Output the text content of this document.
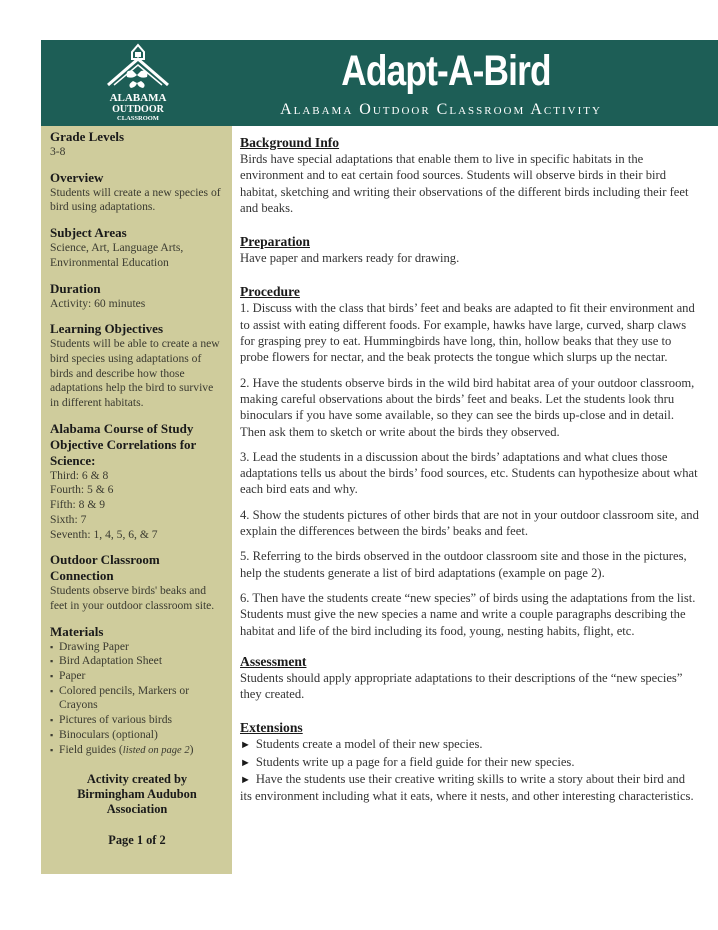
ALABAMA
OUTDOOR
CLASSROOM
Adapt-A-Bird
Alabama Outdoor Classroom Activity
Grade Levels
3-8
Overview
Students will create a new species of bird using adaptations.
Subject Areas
Science, Art, Language Arts, Environmental Education
Duration
Activity: 60 minutes
Learning Objectives
Students will be able to create a new bird species using adaptations of birds and describe how those adaptations help the bird to survive in different habitats.
Alabama Course of Study Objective Correlations for Science:
Third: 6 & 8
Fourth: 5 & 6
Fifth: 8 & 9
Sixth: 7
Seventh: 1, 4, 5, 6, & 7
Outdoor Classroom Connection
Students observe birds' beaks and feet in your outdoor classroom site.
Materials
▪ Drawing Paper
▪ Bird Adaptation Sheet
▪ Paper
▪ Colored pencils, Markers or Crayons
▪ Pictures of various birds
▪ Binoculars (optional)
▪ Field guides (listed on page 2)
Activity created by
Birmingham Audubon
Association
Page 1 of 2
Background Info
Birds have special adaptations that enable them to live in specific habitats in the environment and to eat certain food sources. Students will observe birds in their bird habitat, sketching and writing their observations of the different birds including their feet and beaks.
Preparation
Have paper and markers ready for drawing.
Procedure

1. Discuss with the class that birds’ feet and beaks are adapted to fit their environment and to assist with eating different foods. For example, hawks have large, curved, sharp claws for grasping prey to eat. Hummingbirds have long, thin, hollow beaks that they use to probe flowers for nectar, and the beak protects the tongue which slurps up the nectar.

2. Have the students observe birds in the wild bird habitat area of your outdoor classroom, making careful observations about the birds’ feet and beaks. Let the students look thru binoculars if you have some available, so they can see the birds up-close and in detail. Then ask them to sketch or write about the birds they observed.

3. Lead the students in a discussion about the birds’ adaptations and what clues those adaptations tells us about the birds’ food sources, etc. Students can hypothesize about what each bird eats and why.

4. Show the students pictures of other birds that are not in your outdoor classroom site, and explain the differences between the birds’ beaks and feet.

5. Referring to the birds observed in the outdoor classroom site and those in the pictures, help the students generate a list of bird adaptations (example on page 2).

6. Then have the students create “new species” of birds using the adaptations from the list. Students must give the new species a name and write a couple paragraphs describing the habitat and life of the bird including its food, young, nesting habits, flight, etc.

Assessment
Students should apply appropriate adaptations to their descriptions of the “new species” they created.
Extensions
► Students create a model of their new species.
► Students write up a page for a field guide for their new species.
► Have the students use their creative writing skills to write a story about their bird and its environment including what it eats, where it nests, and other interesting characteristics.
